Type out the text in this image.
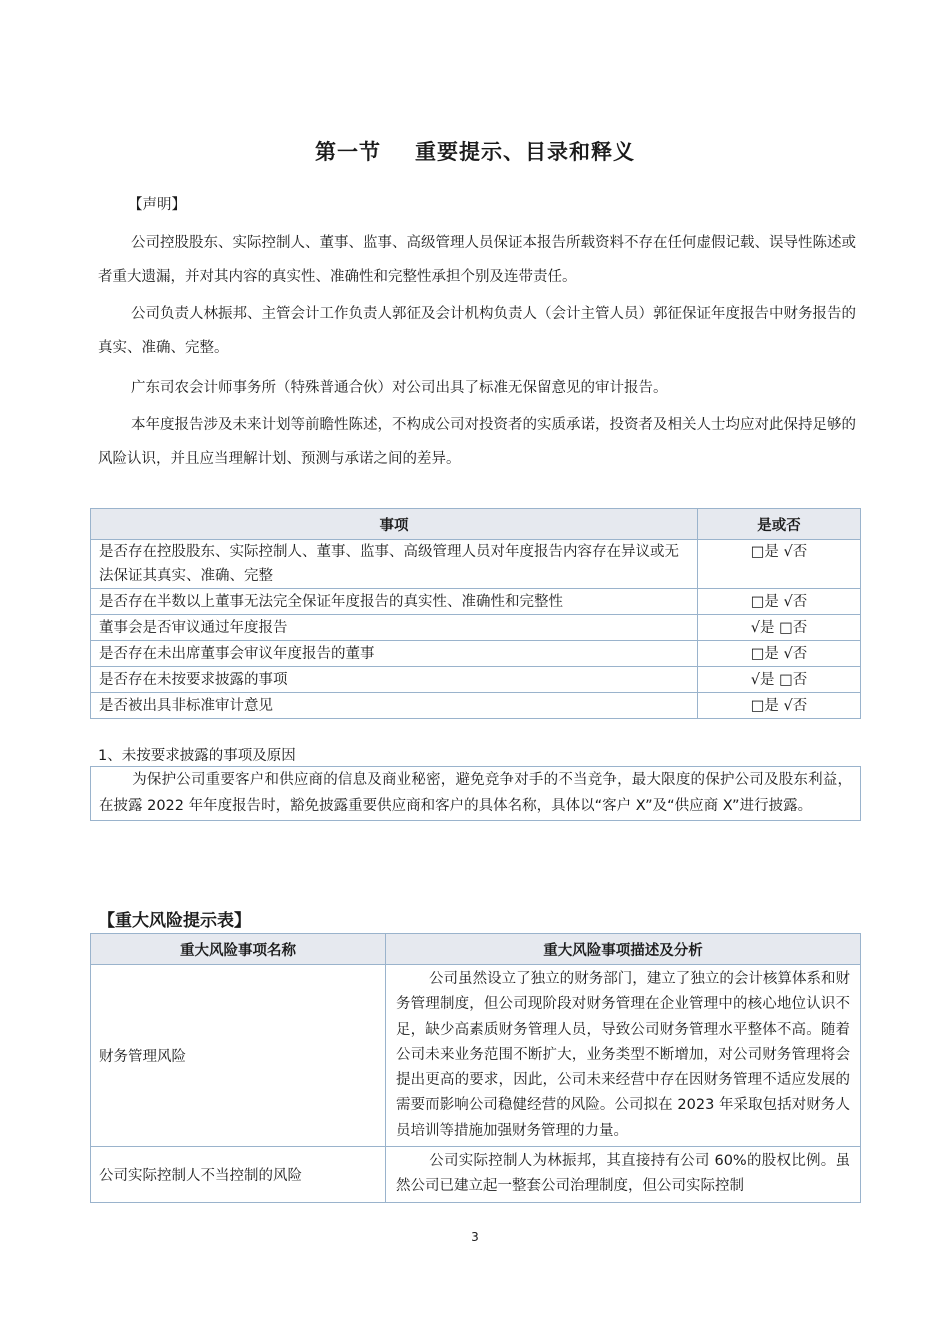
第一节 重要提示、目录和释义
【声明】
公司控股股东、实际控制人、董事、监事、高级管理人员保证本报告所载资料不存在任何虚假记载、误导性陈述或者重大遗漏，并对其内容的真实性、准确性和完整性承担个别及连带责任。
公司负责人林振邦、主管会计工作负责人郭征及会计机构负责人（会计主管人员）郭征保证年度报告中财务报告的真实、准确、完整。
广东司农会计师事务所（特殊普通合伙）对公司出具了标准无保留意见的审计报告。
本年度报告涉及未来计划等前瞻性陈述，不构成公司对投资者的实质承诺，投资者及相关人士均应对此保持足够的风险认识，并且应当理解计划、预测与承诺之间的差异。
事项	是或否
是否存在控股股东、实际控制人、董事、监事、高级管理人员对年度报告内容存在异议或无法保证其真实、准确、完整	□是 √否
是否存在半数以上董事无法完全保证年度报告的真实性、准确性和完整性	□是 √否
董事会是否审议通过年度报告	√是 □否
是否存在未出席董事会审议年度报告的董事	□是 √否
是否存在未按要求披露的事项	√是 □否
是否被出具非标准审计意见	□是 √否
1、未按要求披露的事项及原因
为保护公司重要客户和供应商的信息及商业秘密，避免竞争对手的不当竞争，最大限度的保护公司及股东利益，在披露 2022 年年度报告时，豁免披露重要供应商和客户的具体名称，具体以“客户 X”及“供应商 X”进行披露。
【重大风险提示表】
重大风险事项名称	重大风险事项描述及分析
财务管理风险	公司虽然设立了独立的财务部门，建立了独立的会计核算体系和财务管理制度，但公司现阶段对财务管理在企业管理中的核心地位认识不足，缺少高素质财务管理人员，导致公司财务管理水平整体不高。随着公司未来业务范围不断扩大，业务类型不断增加，对公司财务管理将会提出更高的要求，因此，公司未来经营中存在因财务管理不适应发展的需要而影响公司稳健经营的风险。公司拟在 2023 年采取包括对财务人员培训等措施加强财务管理的力量。
公司实际控制人不当控制的风险	公司实际控制人为林振邦，其直接持有公司 60%的股权比例。虽然公司已建立起一整套公司治理制度，但公司实际控制
3
